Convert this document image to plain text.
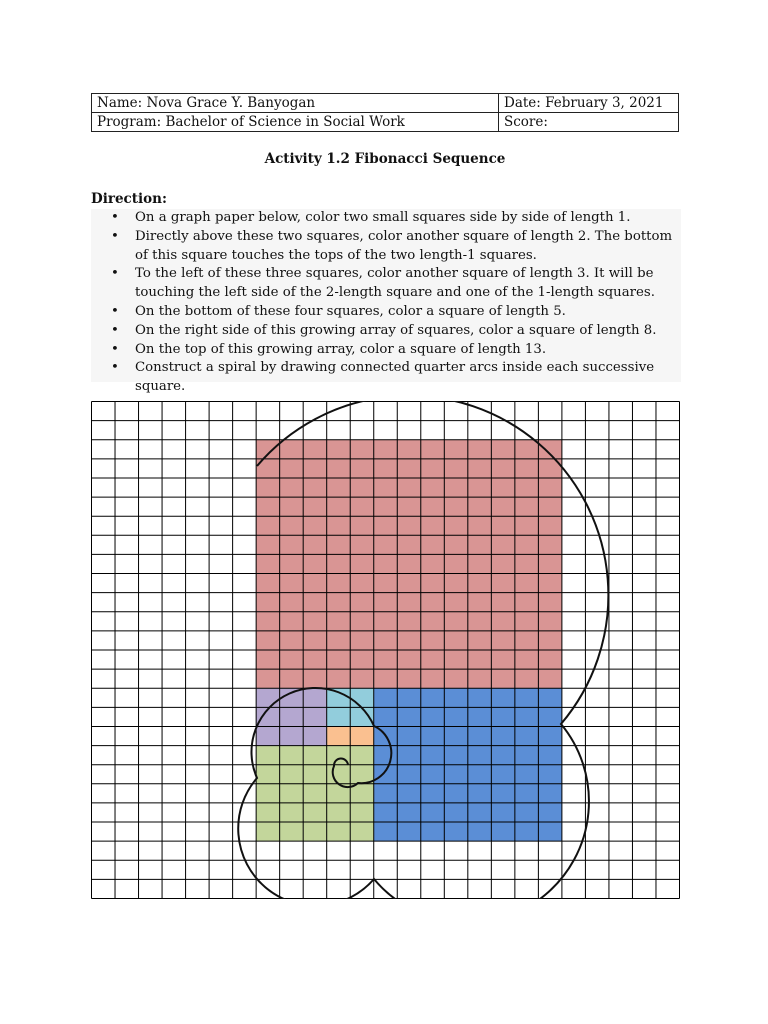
Name: Nova Grace Y. Banyogan	Date: February 3, 2021
Program: Bachelor of Science in Social Work	Score:
Activity 1.2 Fibonacci Sequence
Direction:
• On a graph paper below, color two small squares side by side of length 1.
• Directly above these two squares, color another square of length 2. The bottom of this square touches the tops of the two length-1 squares.
• To the left of these three squares, color another square of length 3. It will be touching the left side of the 2-length square and one of the 1-length squares.
• On the bottom of these four squares, color a square of length 5.
• On the right side of this growing array of squares, color a square of length 8.
• On the top of this growing array, color a square of length 13.
• Construct a spiral by drawing connected quarter arcs inside each successive square.
